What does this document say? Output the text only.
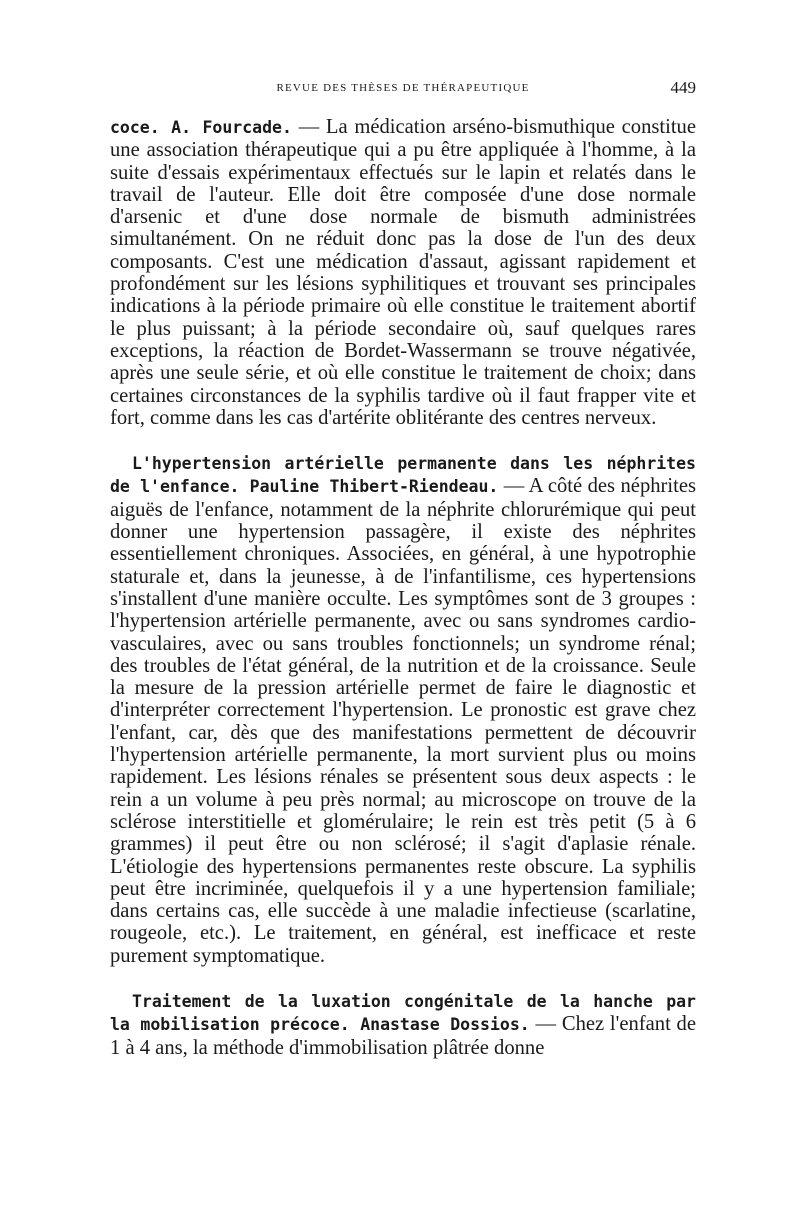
REVUE DES THÈSES DE THÉRAPEUTIQUE	449

coce. A. Fourcade. — La médication arséno-bismuthique constitue une association thérapeutique qui a pu être appliquée à l'homme, à la suite d'essais expérimentaux effectués sur le lapin et relatés dans le travail de l'auteur. Elle doit être composée d'une dose normale d'arsenic et d'une dose normale de bismuth administrées simultanément. On ne réduit donc pas la dose de l'un des deux composants. C'est une médication d'assaut, agissant rapidement et profondément sur les lésions syphilitiques et trouvant ses principales indications à la période primaire où elle constitue le traitement abortif le plus puissant; à la période secondaire où, sauf quelques rares exceptions, la réaction de Bordet-Wassermann se trouve négativée, après une seule série, et où elle constitue le traitement de choix; dans certaines circonstances de la syphilis tardive où il faut frapper vite et fort, comme dans les cas d'artérite oblitérante des centres nerveux.

L'hypertension artérielle permanente dans les néphrites de l'enfance. Pauline Thibert-Riendeau. — A côté des néphrites aiguës de l'enfance, notamment de la néphrite chlorurémique qui peut donner une hypertension passagère, il existe des néphrites essentiellement chroniques. Associées, en général, à une hypotrophie staturale et, dans la jeunesse, à de l'infantilisme, ces hypertensions s'installent d'une manière occulte. Les symptômes sont de 3 groupes : l'hypertension artérielle permanente, avec ou sans syndromes cardio-vasculaires, avec ou sans troubles fonctionnels; un syndrome rénal; des troubles de l'état général, de la nutrition et de la croissance. Seule la mesure de la pression artérielle permet de faire le diagnostic et d'interpréter correctement l'hypertension. Le pronostic est grave chez l'enfant, car, dès que des manifestations permettent de découvrir l'hypertension artérielle permanente, la mort survient plus ou moins rapidement. Les lésions rénales se présentent sous deux aspects : le rein a un volume à peu près normal; au microscope on trouve de la sclérose interstitielle et glomérulaire; le rein est très petit (5 à 6 grammes) il peut être ou non sclérosé; il s'agit d'aplasie rénale. L'étiologie des hypertensions permanentes reste obscure. La syphilis peut être incriminée, quelquefois il y a une hypertension familiale; dans certains cas, elle succède à une maladie infectieuse (scarlatine, rougeole, etc.). Le traitement, en général, est inefficace et reste purement symptomatique.

Traitement de la luxation congénitale de la hanche par la mobilisation précoce. Anastase Dossios. — Chez l'enfant de 1 à 4 ans, la méthode d'immobilisation plâtrée donne
